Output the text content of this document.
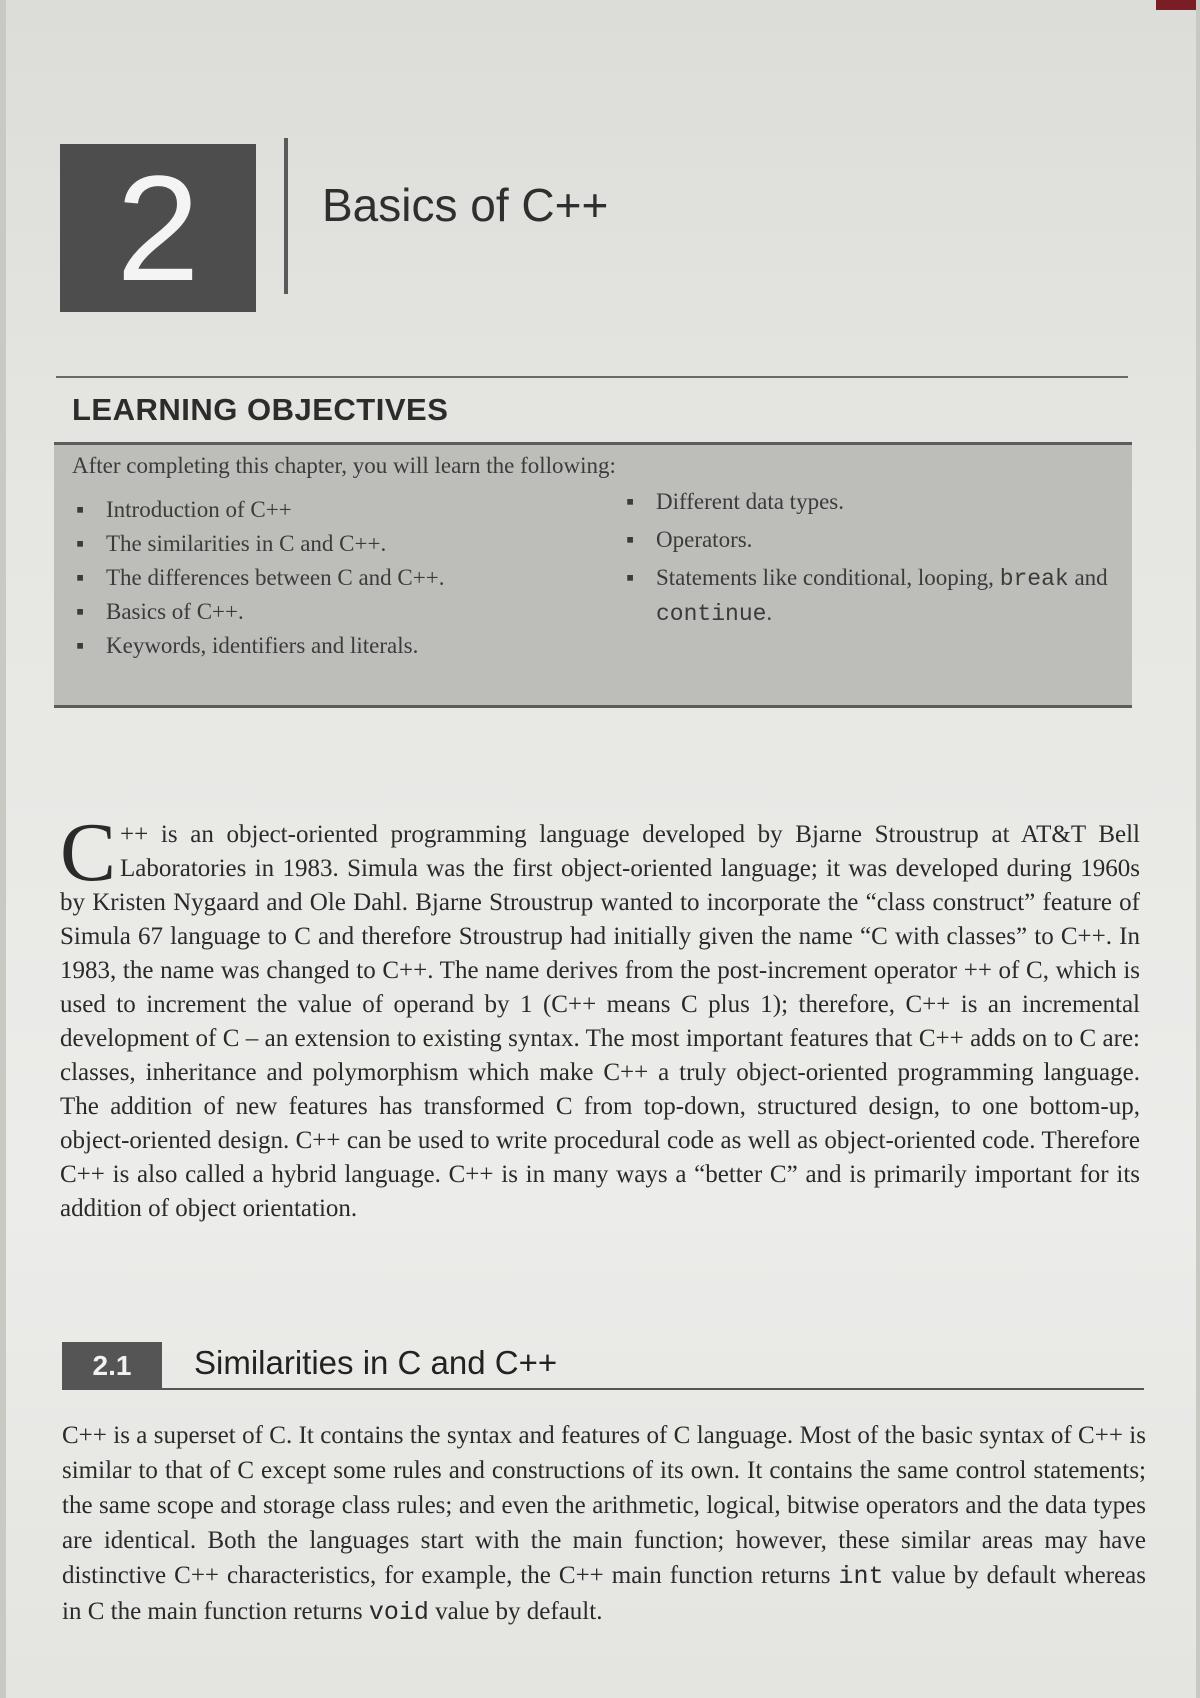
2	Basics of C++
LEARNING OBJECTIVES
After completing this chapter, you will learn the following:
▪ Introduction of C++
▪ The similarities in C and C++.
▪ The differences between C and C++.
▪ Basics of C++.
▪ Keywords, identifiers and literals.
▪ Different data types.
▪ Operators.
▪ Statements like conditional, looping, break and continue.
C ++ is an object-oriented programming language developed by Bjarne Stroustrup at AT&T Bell Laboratories in 1983. Simula was the first object-oriented language; it was developed during 1960s by Kristen Nygaard and Ole Dahl. Bjarne Stroustrup wanted to incorporate the “class construct” feature of Simula 67 language to C and therefore Stroustrup had initially given the name “C with classes” to C++. In 1983, the name was changed to C++. The name derives from the post-increment operator ++ of C, which is used to increment the value of operand by 1 (C++ means C plus 1); therefore, C++ is an incremental development of C – an extension to existing syntax. The most important features that C++ adds on to C are: classes, inheritance and polymorphism which make C++ a truly object-oriented programming language. The addition of new features has transformed C from top-down, structured design, to one bottom-up, object-oriented design. C++ can be used to write procedural code as well as object-oriented code. Therefore C++ is also called a hybrid language. C++ is in many ways a “better C” and is primarily important for its addition of object orientation.
2.1	Similarities in C and C++
C++ is a superset of C. It contains the syntax and features of C language. Most of the basic syntax of C++ is similar to that of C except some rules and constructions of its own. It contains the same control statements; the same scope and storage class rules; and even the arithmetic, logical, bitwise operators and the data types are identical. Both the languages start with the main function; however, these similar areas may have distinctive C++ characteristics, for example, the C++ main function returns int value by default whereas in C the main function returns void value by default.
